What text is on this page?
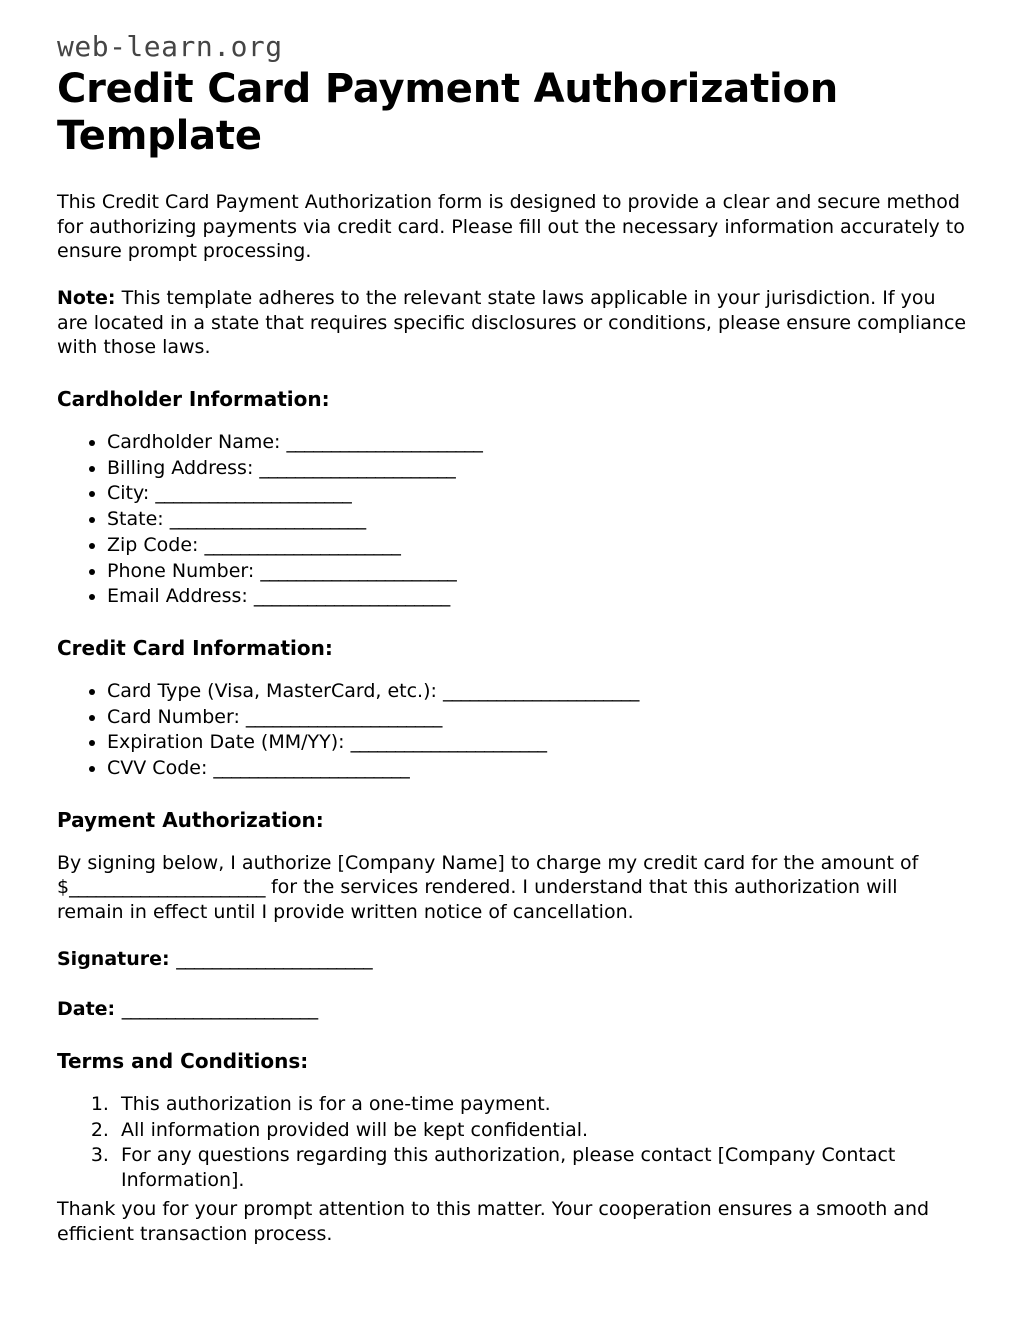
web-learn.org
Credit Card Payment Authorization Template

This Credit Card Payment Authorization form is designed to provide a clear and secure method for authorizing payments via credit card. Please fill out the necessary information accurately to ensure prompt processing.

Note: This template adheres to the relevant state laws applicable in your jurisdiction. If you are located in a state that requires specific disclosures or conditions, please ensure compliance with those laws.

Cardholder Information:
• Cardholder Name: ______________________
• Billing Address: ______________________
• City: ______________________
• State: ______________________
• Zip Code: ______________________
• Phone Number: ______________________
• Email Address: ______________________
Credit Card Information:
• Card Type (Visa, MasterCard, etc.): ______________________
• Card Number: ______________________
• Expiration Date (MM/YY): ______________________
• CVV Code: ______________________
Payment Authorization:

By signing below, I authorize [Company Name] to charge my credit card for the amount of $______________________ for the services rendered. I understand that this authorization will remain in effect until I provide written notice of cancellation.

Signature: ______________________

Date: ______________________

Terms and Conditions:
1. This authorization is for a one-time payment.
2. All information provided will be kept confidential.
3. For any questions regarding this authorization, please contact [Company Contact Information].

Thank you for your prompt attention to this matter. Your cooperation ensures a smooth and efficient transaction process.
